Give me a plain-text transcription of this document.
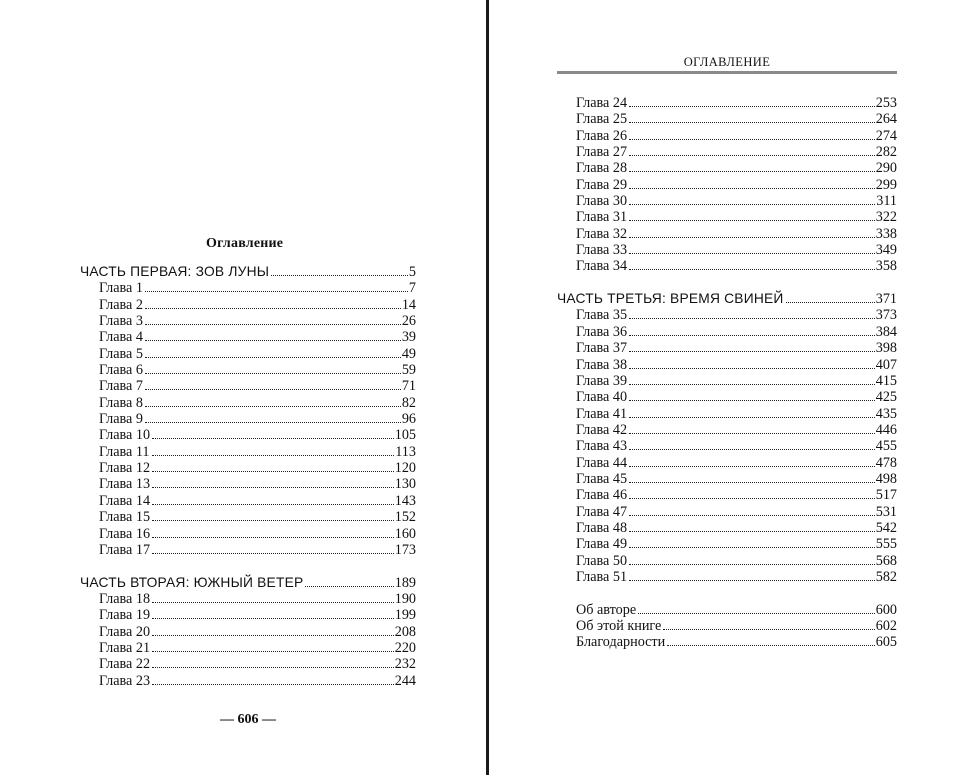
Оглавление
ЧАСТЬ ПЕРВАЯ: ЗОВ ЛУНЫ	5
Глава 1	7
Глава 2	14
Глава 3	26
Глава 4	39
Глава 5	49
Глава 6	59
Глава 7	71
Глава 8	82
Глава 9	96
Глава 10	105
Глава 11	113
Глава 12	120
Глава 13	130
Глава 14	143
Глава 15	152
Глава 16	160
Глава 17	173
ЧАСТЬ ВТОРАЯ: ЮЖНЫЙ ВЕТЕР	189
Глава 18	190
Глава 19	199
Глава 20	208
Глава 21	220
Глава 22	232
Глава 23	244
— 606 —
ОГЛАВЛЕНИЕ
Глава 24	253
Глава 25	264
Глава 26	274
Глава 27	282
Глава 28	290
Глава 29	299
Глава 30	311
Глава 31	322
Глава 32	338
Глава 33	349
Глава 34	358
ЧАСТЬ ТРЕТЬЯ: ВРЕМЯ СВИНЕЙ	371
Глава 35	373
Глава 36	384
Глава 37	398
Глава 38	407
Глава 39	415
Глава 40	425
Глава 41	435
Глава 42	446
Глава 43	455
Глава 44	478
Глава 45	498
Глава 46	517
Глава 47	531
Глава 48	542
Глава 49	555
Глава 50	568
Глава 51	582
Об авторе	600
Об этой книге	602
Благодарности	605
